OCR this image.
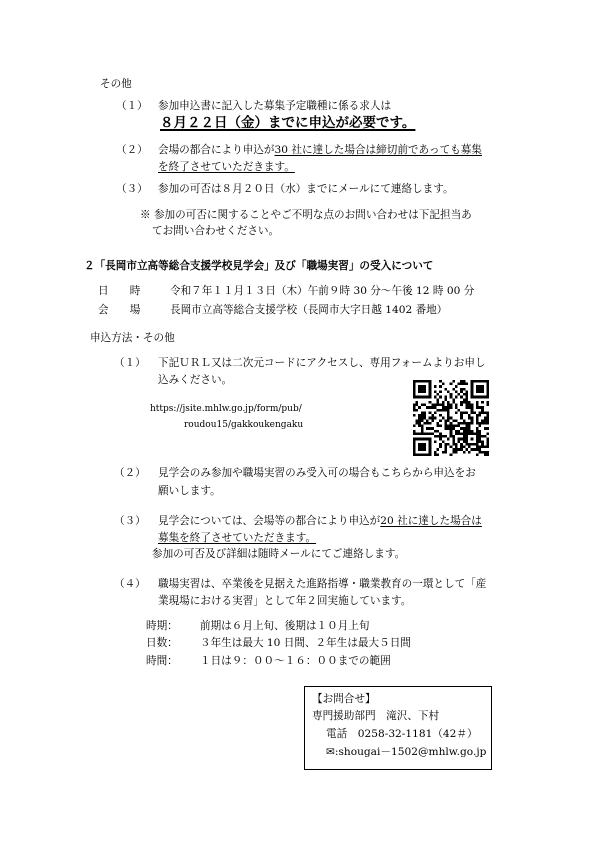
その他
（１） 参加申込書に記入した募集予定職種に係る求人は
８月２２日（金）までに申込が必要です。
（２） 会場の都合により申込が30 社に達した場合は締切前であっても募集
を終了させていただきます。
（３） 参加の可否は８月２０日（水）までにメールにて連絡します。
※ 参加の可否に関することやご不明な点のお問い合わせは下記担当あ
てお問い合わせください。
２「長岡市立高等総合支援学校見学会」及び「職場実習」の受入について
日　　時	令和７年１１月１３日（木）午前９時 30 分～午後 12 時 00 分
会　　場	長岡市立高等総合支援学校（長岡市大字日越 1402 番地）
申込方法・その他
（１） 下記ＵＲＬ又は二次元コードにアクセスし、専用フォームよりお申し
込みください。
https://jsite.mhlw.go.jp/form/pub/
roudou15/gakkoukengaku
（２） 見学会のみ参加や職場実習のみ受入可の場合もこちらから申込をお
願いします。
（３） 見学会については、会場等の都合により申込が20 社に達した場合は
募集を終了させていただきます。
参加の可否及び詳細は随時メールにてご連絡します。
（４） 職場実習は、卒業後を見据えた進路指導・職業教育の一環として「産
業現場における実習」として年２回実施しています。
時期： 前期は６月上旬、後期は１０月上旬
日数： ３年生は最大 10 日間、２年生は最大５日間
時間： １日は９：００～１６：００までの範囲
【お問合せ】
専門援助部門　滝沢、下村
電話　0258-32-1181（42＃）
✉:shougai－1502@mhlw.go.jp
